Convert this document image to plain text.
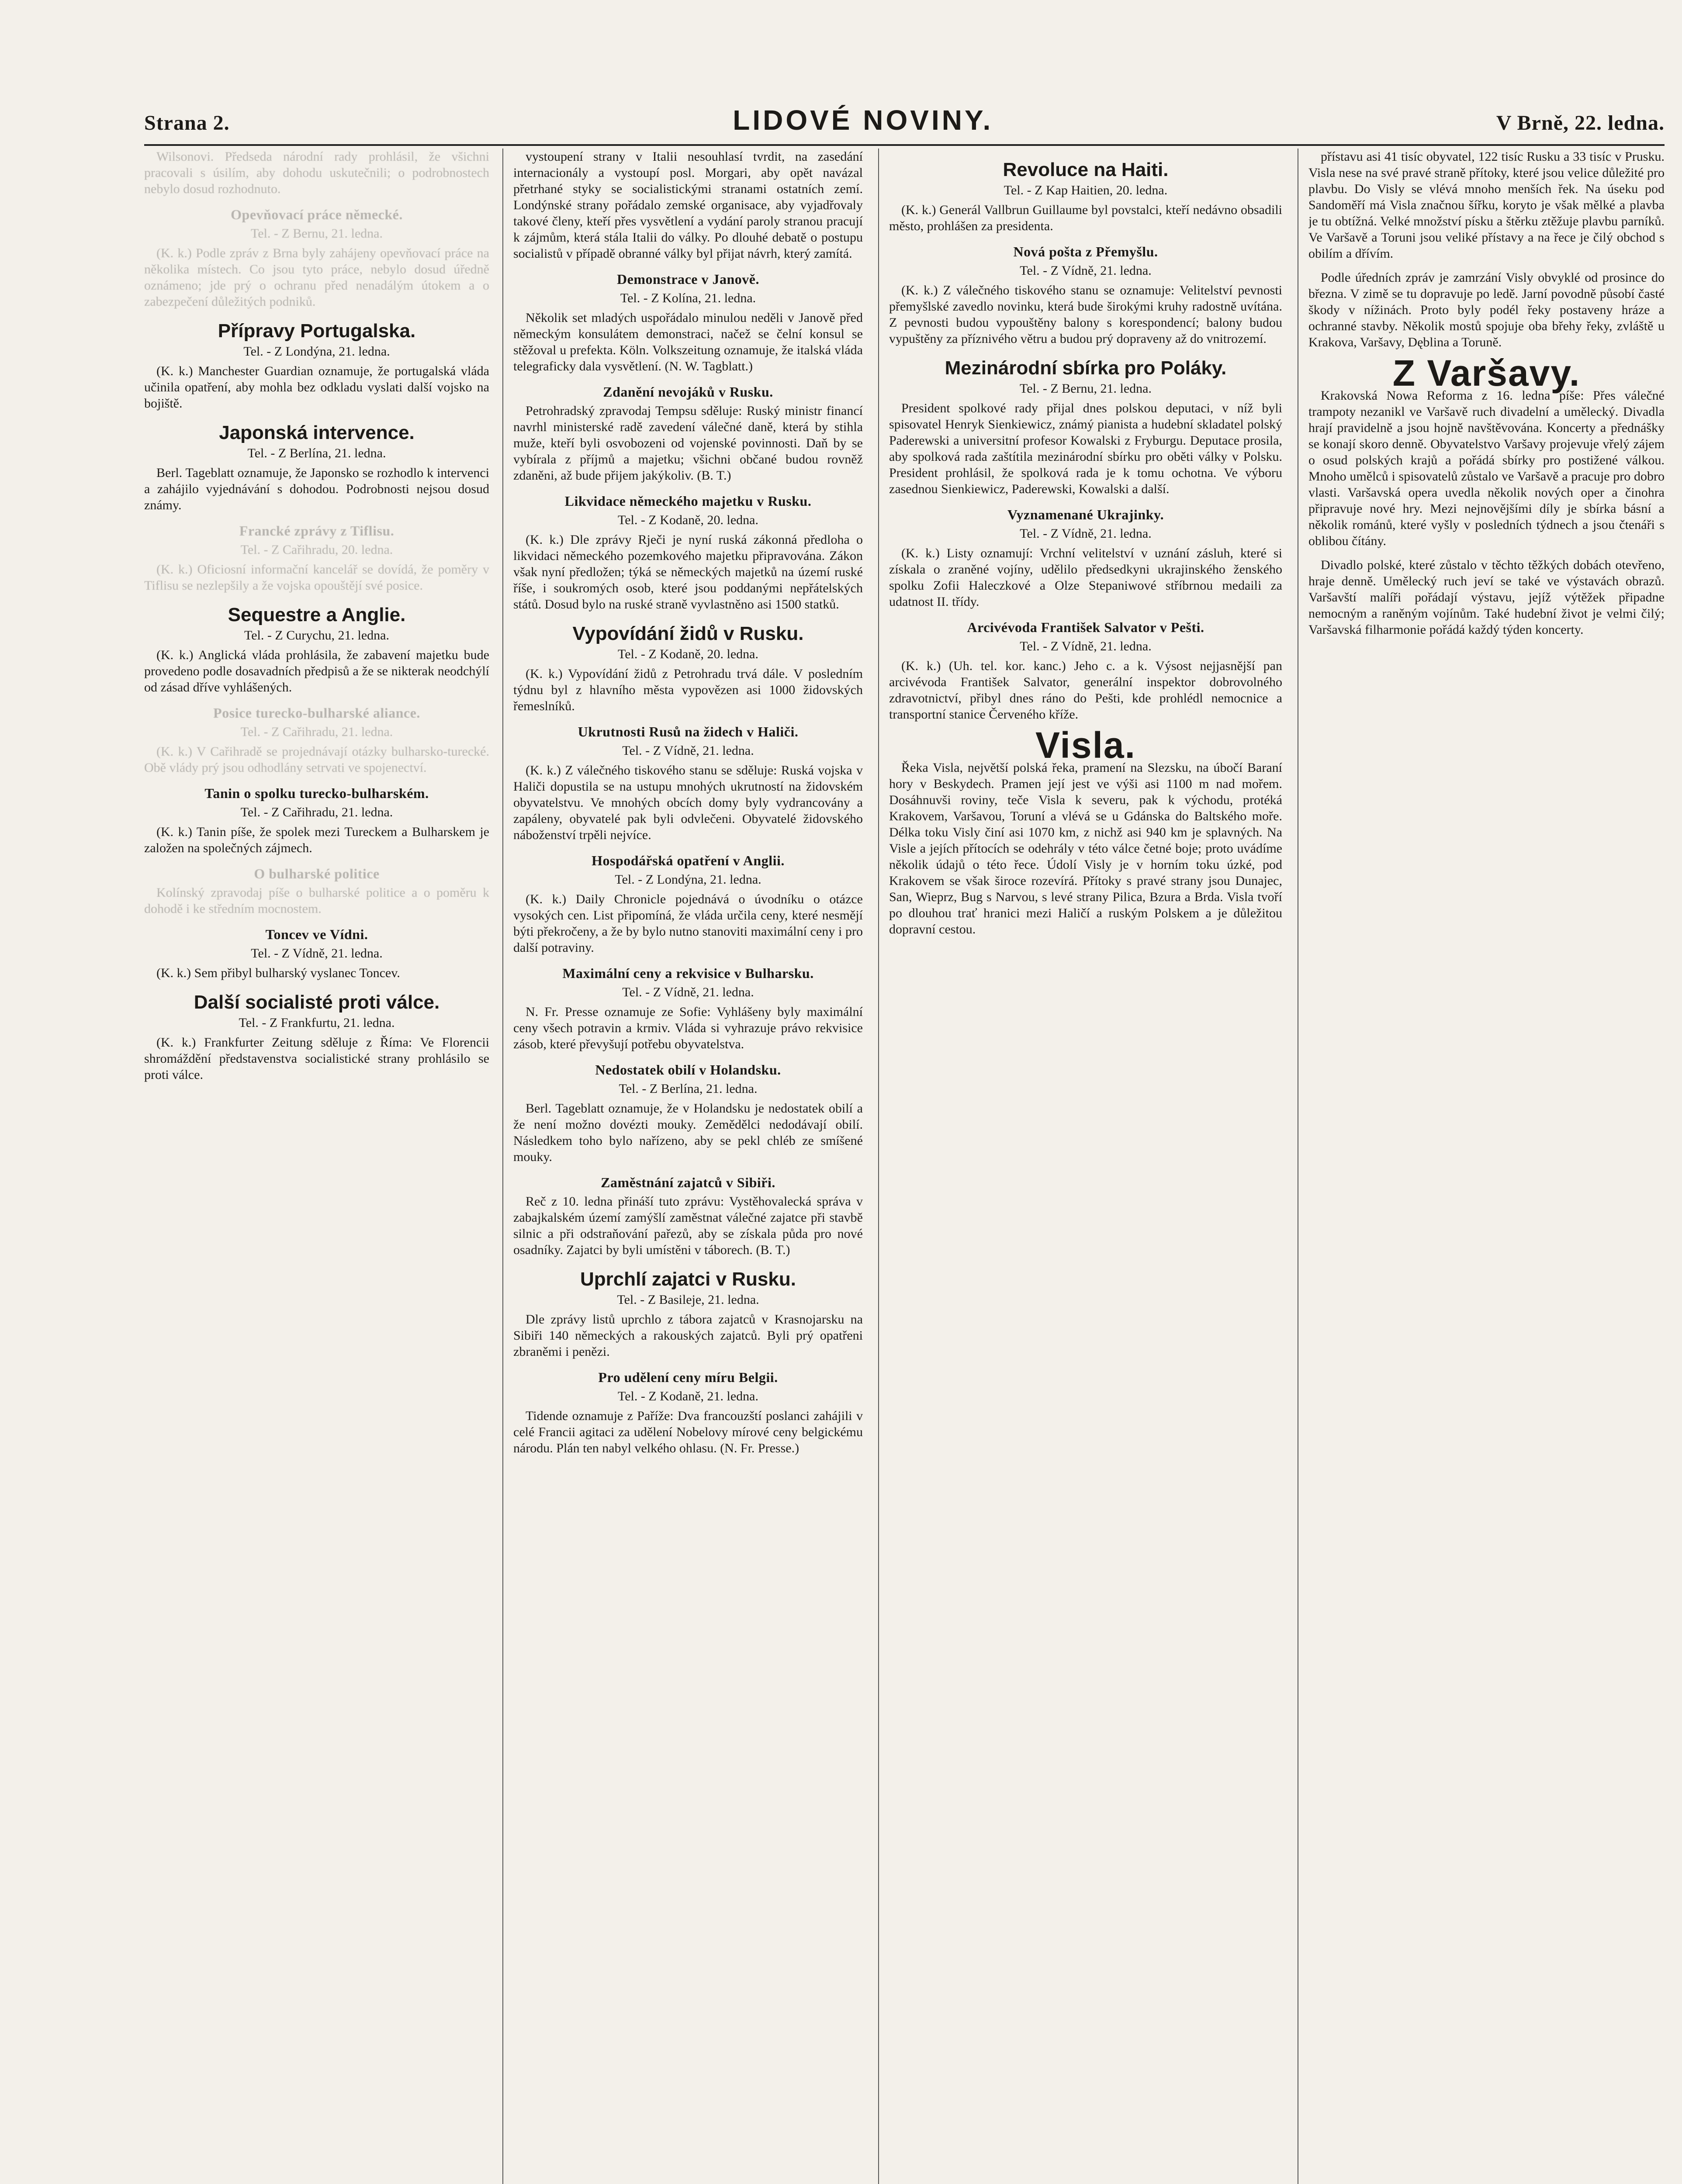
Strana 2.	LIDOVÉ NOVINY.	V Brně, 22. ledna.

Wilsonovi. Předseda národní rady prohlásil, že všichni pracovali s úsilím, aby dohodu uskutečnili; o podrobnostech nebylo dosud rozhodnuto.

Opevňovací práce německé.
Tel. - Z Bernu, 21. ledna.

(K. k.) Podle zpráv z Brna byly zahájeny opevňovací práce na několika místech. Co jsou tyto práce, nebylo dosud úředně oznámeno; jde prý o ochranu před nenadálým útokem a o zabezpečení důležitých podniků.

Přípravy Portugalska.
Tel. - Z Londýna, 21. ledna.

(K. k.) Manchester Guardian oznamuje, že portugalská vláda učinila opatření, aby mohla bez odkladu vyslati další vojsko na bojiště.

Japonská intervence.
Tel. - Z Berlína, 21. ledna.

Berl. Tageblatt oznamuje, že Japonsko se rozhodlo k intervenci a zahájilo vyjednávání s dohodou. Podrobnosti nejsou dosud známy.

Francké zprávy z Tiflisu.
Tel. - Z Cařihradu, 20. ledna.

(K. k.) Oficiosní informační kancelář se dovídá, že poměry v Tiflisu se nezlepšily a že vojska opouštějí své posice.

Sequestre a Anglie.
Tel. - Z Curychu, 21. ledna.

(K. k.) Anglická vláda prohlásila, že zabavení majetku bude provedeno podle dosavadních předpisů a že se nikterak neodchýlí od zásad dříve vyhlášených.

Posice turecko-bulharské aliance.
Tel. - Z Cařihradu, 21. ledna.

(K. k.) V Cařihradě se projednávají otázky bulharsko-turecké. Obě vlády prý jsou odhodlány setrvati ve spojenectví.

Tanin o spolku turecko-bulharském.
Tel. - Z Cařihradu, 21. ledna.

(K. k.) Tanin píše, že spolek mezi Tureckem a Bulharskem je založen na společných zájmech.

O bulharské politice

Kolínský zpravodaj píše o bulharské politice a o poměru k dohodě i ke středním mocnostem.

Toncev ve Vídni.
Tel. - Z Vídně, 21. ledna.

(K. k.) Sem přibyl bulharský vyslanec Toncev.

Další socialisté proti válce.
Tel. - Z Frankfurtu, 21. ledna.

(K. k.) Frankfurter Zeitung sděluje z Říma: Ve Florencii shromáždění představenstva socialistické strany prohlásilo se proti válce.

vystoupení strany v Italii nesouhlasí tvrdit, na zasedání internacionály a vystoupí posl. Morgari, aby opět navázal přetrhané styky se socialistickými stranami ostatních zemí. Londýnské strany pořádalo zemské organisace, aby vyjadřovaly takové členy, kteří přes vysvětlení a vydání paroly stranou pracují k zájmům, která stála Italii do války. Po dlouhé debatě o postupu socialistů v případě obranné války byl přijat návrh, který zamítá.

Demonstrace v Janově.
Tel. - Z Kolína, 21. ledna.

Několik set mladých uspořádalo minulou neděli v Janově před německým konsulátem demonstraci, načež se čelní konsul se stěžoval u prefekta. Köln. Volkszeitung oznamuje, že italská vláda telegraficky dala vysvětlení. (N. W. Tagblatt.)

Zdanění nevojáků v Rusku.

Petrohradský zpravodaj Tempsu sděluje: Ruský ministr financí navrhl ministerské radě zavedení válečné daně, která by stihla muže, kteří byli osvobozeni od vojenské povinnosti. Daň by se vybírala z příjmů a majetku; všichni občané budou rovněž zdaněni, až bude přijem jakýkoliv. (B. T.)

Likvidace německého majetku v Rusku.
Tel. - Z Kodaně, 20. ledna.

(K. k.) Dle zprávy Rječi je nyní ruská zákonná předloha o likvidaci německého pozemkového majetku připravována. Zákon však nyní předložen; týká se německých majetků na území ruské říše, i soukromých osob, které jsou poddanými nepřátelských států. Dosud bylo na ruské straně vyvlastněno asi 1500 statků.

Vypovídání židů v Rusku.
Tel. - Z Kodaně, 20. ledna.

(K. k.) Vypovídání židů z Petrohradu trvá dále. V posledním týdnu byl z hlavního města vypovězen asi 1000 židovských řemeslníků.

Ukrutnosti Rusů na židech v Haliči.
Tel. - Z Vídně, 21. ledna.

(K. k.) Z válečného tiskového stanu se sděluje: Ruská vojska v Haliči dopustila se na ustupu mnohých ukrutností na židovském obyvatelstvu. Ve mnohých obcích domy byly vydrancovány a zapáleny, obyvatelé pak byli odvlečeni. Obyvatelé židovského náboženství trpěli nejvíce.

Hospodářská opatření v Anglii.
Tel. - Z Londýna, 21. ledna.

(K. k.) Daily Chronicle pojednává o úvodníku o otázce vysokých cen. List připomíná, že vláda určila ceny, které nesmějí býti překročeny, a že by bylo nutno stanoviti maximální ceny i pro další potraviny.

Maximální ceny a rekvisice v Bulharsku.
Tel. - Z Vídně, 21. ledna.

N. Fr. Presse oznamuje ze Sofie: Vyhlášeny byly maximální ceny všech potravin a krmiv. Vláda si vyhrazuje právo rekvisice zásob, které převyšují potřebu obyvatelstva.

Nedostatek obilí v Holandsku.
Tel. - Z Berlína, 21. ledna.

Berl. Tageblatt oznamuje, že v Holandsku je nedostatek obilí a že není možno dovézti mouky. Zemědělci nedodávají obilí. Následkem toho bylo nařízeno, aby se pekl chléb ze smíšené mouky.

Zaměstnání zajatců v Sibiři.

Reč z 10. ledna přináší tuto zprávu: Vystěhovalecká správa v zabajkalském území zamýšlí zaměstnat válečné zajatce při stavbě silnic a při odstraňování pařezů, aby se získala půda pro nové osadníky. Zajatci by byli umístěni v táborech. (B. T.)

Uprchlí zajatci v Rusku.
Tel. - Z Basileje, 21. ledna.

Dle zprávy listů uprchlo z tábora zajatců v Krasnojarsku na Sibiři 140 německých a rakouských zajatců. Byli prý opatřeni zbraněmi i penězi.

Pro udělení ceny míru Belgii.
Tel. - Z Kodaně, 21. ledna.

Tidende oznamuje z Paříže: Dva francouzští poslanci zahájili v celé Francii agitaci za udělení Nobelovy mírové ceny belgickému národu. Plán ten nabyl velkého ohlasu. (N. Fr. Presse.)

Revoluce na Haiti.
Tel. - Z Kap Haitien, 20. ledna.

(K. k.) Generál Vallbrun Guillaume byl povstalci, kteří nedávno obsadili město, prohlášen za presidenta.

Nová pošta z Přemyšlu.
Tel. - Z Vídně, 21. ledna.

(K. k.) Z válečného tiskového stanu se oznamuje: Velitelství pevnosti přemyšlské zavedlo novinku, která bude širokými kruhy radostně uvítána. Z pevnosti budou vypouštěny balony s korespondencí; balony budou vypuštěny za příznivého větru a budou prý dopraveny až do vnitrozemí.

Mezinárodní sbírka pro Poláky.
Tel. - Z Bernu, 21. ledna.

President spolkové rady přijal dnes polskou deputaci, v níž byli spisovatel Henryk Sienkiewicz, známý pianista a hudební skladatel polský Paderewski a universitní profesor Kowalski z Fryburgu. Deputace prosila, aby spolková rada zaštítila mezinárodní sbírku pro oběti války v Polsku. President prohlásil, že spolková rada je k tomu ochotna. Ve výboru zasednou Sienkiewicz, Paderewski, Kowalski a další.

Vyznamenané Ukrajinky.
Tel. - Z Vídně, 21. ledna.

(K. k.) Listy oznamují: Vrchní velitelství v uznání zásluh, které si získala o zraněné vojíny, udělilo předsedkyni ukrajinského ženského spolku Zofii Haleczkové a Olze Stepaniwové stříbrnou medaili za udatnost II. třídy.

Arcivévoda František Salvator v Pešti.
Tel. - Z Vídně, 21. ledna.

(K. k.) (Uh. tel. kor. kanc.) Jeho c. a k. Výsost nejjasnější pan arcivévoda František Salvator, generální inspektor dobrovolného zdravotnictví, přibyl dnes ráno do Pešti, kde prohlédl nemocnice a transportní stanice Červeného kříže.

Visla.

Řeka Visla, největší polská řeka, pramení na Slezsku, na úbočí Baraní hory v Beskydech. Pramen její jest ve výši asi 1100 m nad mořem. Dosáhnuvši roviny, teče Visla k severu, pak k východu, protéká Krakovem, Varšavou, Toruní a vlévá se u Gdánska do Baltského moře. Délka toku Visly činí asi 1070 km, z nichž asi 940 km je splavných. Na Visle a jejích přítocích se odehrály v této válce četné boje; proto uvádíme několik údajů o této řece. Údolí Visly je v horním toku úzké, pod Krakovem se však široce rozevírá. Přítoky s pravé strany jsou Dunajec, San, Wieprz, Bug s Narvou, s levé strany Pilica, Bzura a Brda. Visla tvoří po dlouhou trať hranici mezi Haličí a ruským Polskem a je důležitou dopravní cestou.

přístavu asi 41 tisíc obyvatel, 122 tisíc Rusku a 33 tisíc v Prusku. Visla nese na své pravé straně přítoky, které jsou velice důležité pro plavbu. Do Visly se vlévá mnoho menších řek. Na úseku pod Sandoměří má Visla značnou šířku, koryto je však mělké a plavba je tu obtížná. Velké množství písku a štěrku ztěžuje plavbu parníků. Ve Varšavě a Toruni jsou veliké přístavy a na řece je čilý obchod s obilím a dřívím.

Podle úředních zpráv je zamrzání Visly obvyklé od prosince do března. V zimě se tu dopravuje po ledě. Jarní povodně působí časté škody v nížinách. Proto byly podél řeky postaveny hráze a ochranné stavby. Několik mostů spojuje oba břehy řeky, zvláště u Krakova, Varšavy, Dęblina a Toruně.

Z Varšavy.

Krakovská Nowa Reforma z 16. ledna píše: Přes válečné trampoty nezanikl ve Varšavě ruch divadelní a umělecký. Divadla hrají pravidelně a jsou hojně navštěvována. Koncerty a přednášky se konají skoro denně. Obyvatelstvo Varšavy projevuje vřelý zájem o osud polských krajů a pořádá sbírky pro postižené válkou. Mnoho umělců i spisovatelů zůstalo ve Varšavě a pracuje pro dobro vlasti. Varšavská opera uvedla několik nových oper a činohra připravuje nové hry. Mezi nejnovějšími díly je sbírka básní a několik románů, které vyšly v posledních týdnech a jsou čtenáři s oblibou čítány.

Divadlo polské, které zůstalo v těchto těžkých dobách otevřeno, hraje denně. Umělecký ruch jeví se také ve výstavách obrazů. Varšavští malíři pořádají výstavu, jejíž výtěžek připadne nemocným a raněným vojínům. Také hudební život je velmi čilý; Varšavská filharmonie pořádá každý týden koncerty.
